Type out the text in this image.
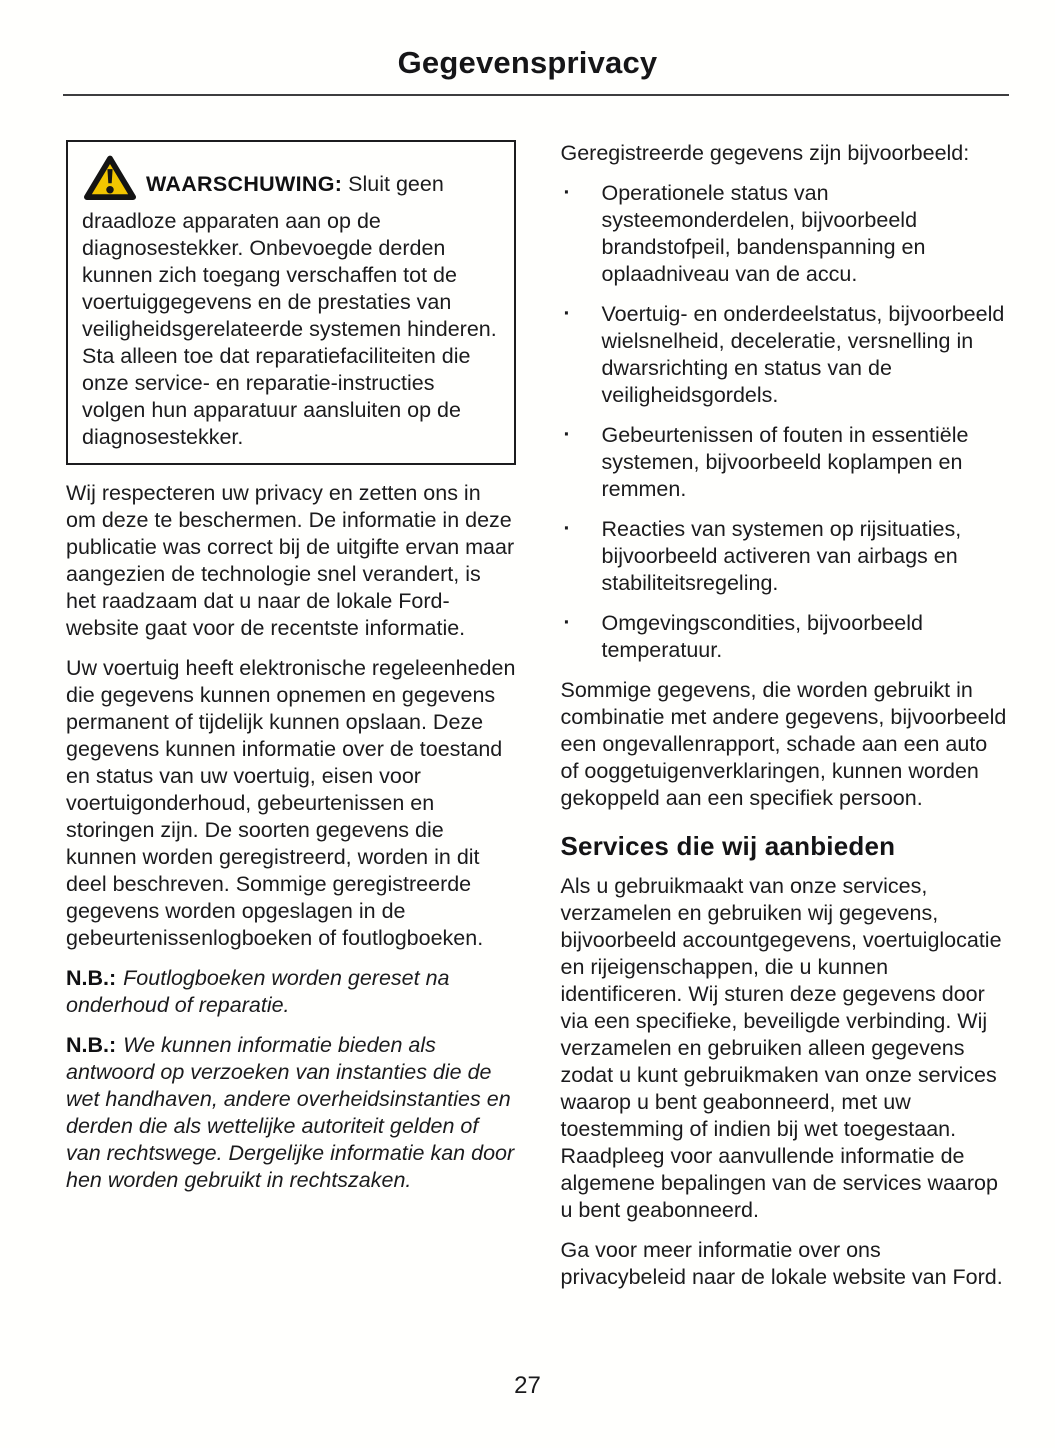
Gegevensprivacy

WAARSCHUWING: Sluit geen draadloze apparaten aan op de diagnosestekker. Onbevoegde derden kunnen zich toegang verschaffen tot de voertuiggegevens en de prestaties van veiligheidsgerelateerde systemen hinderen. Sta alleen toe dat reparatiefaciliteiten die onze service- en reparatie-instructies volgen hun apparatuur aansluiten op de diagnosestekker.

Wij respecteren uw privacy en zetten ons in om deze te beschermen. De informatie in deze publicatie was correct bij de uitgifte ervan maar aangezien de technologie snel verandert, is het raadzaam dat u naar de lokale Ford-website gaat voor de recentste informatie.

Uw voertuig heeft elektronische regeleenheden die gegevens kunnen opnemen en gegevens permanent of tijdelijk kunnen opslaan. Deze gegevens kunnen informatie over de toestand en status van uw voertuig, eisen voor voertuigonderhoud, gebeurtenissen en storingen zijn. De soorten gegevens die kunnen worden geregistreerd, worden in dit deel beschreven. Sommige geregistreerde gegevens worden opgeslagen in de gebeurtenissenlogboeken of foutlogboeken.

N.B.: Foutlogboeken worden gereset na onderhoud of reparatie.

N.B.: We kunnen informatie bieden als antwoord op verzoeken van instanties die de wet handhaven, andere overheidsinstanties en derden die als wettelijke autoriteit gelden of van rechtswege. Dergelijke informatie kan door hen worden gebruikt in rechtszaken.

Geregistreerde gegevens zijn bijvoorbeeld:

·	Operationele status van systeemonderdelen, bijvoorbeeld brandstofpeil, bandenspanning en oplaadniveau van de accu.
·	Voertuig- en onderdeelstatus, bijvoorbeeld wielsnelheid, deceleratie, versnelling in dwarsrichting en status van de veiligheidsgordels.
·	Gebeurtenissen of fouten in essentiële systemen, bijvoorbeeld koplampen en remmen.
·	Reacties van systemen op rijsituaties, bijvoorbeeld activeren van airbags en stabiliteitsregeling.
·	Omgevingscondities, bijvoorbeeld temperatuur.

Sommige gegevens, die worden gebruikt in combinatie met andere gegevens, bijvoorbeeld een ongevallenrapport, schade aan een auto of ooggetuigenverklaringen, kunnen worden gekoppeld aan een specifiek persoon.

Services die wij aanbieden

Als u gebruikmaakt van onze services, verzamelen en gebruiken wij gegevens, bijvoorbeeld accountgegevens, voertuiglocatie en rijeigenschappen, die u kunnen identificeren. Wij sturen deze gegevens door via een specifieke, beveiligde verbinding. Wij verzamelen en gebruiken alleen gegevens zodat u kunt gebruikmaken van onze services waarop u bent geabonneerd, met uw toestemming of indien bij wet toegestaan. Raadpleeg voor aanvullende informatie de algemene bepalingen van de services waarop u bent geabonneerd.

Ga voor meer informatie over ons privacybeleid naar de lokale website van Ford.

27
